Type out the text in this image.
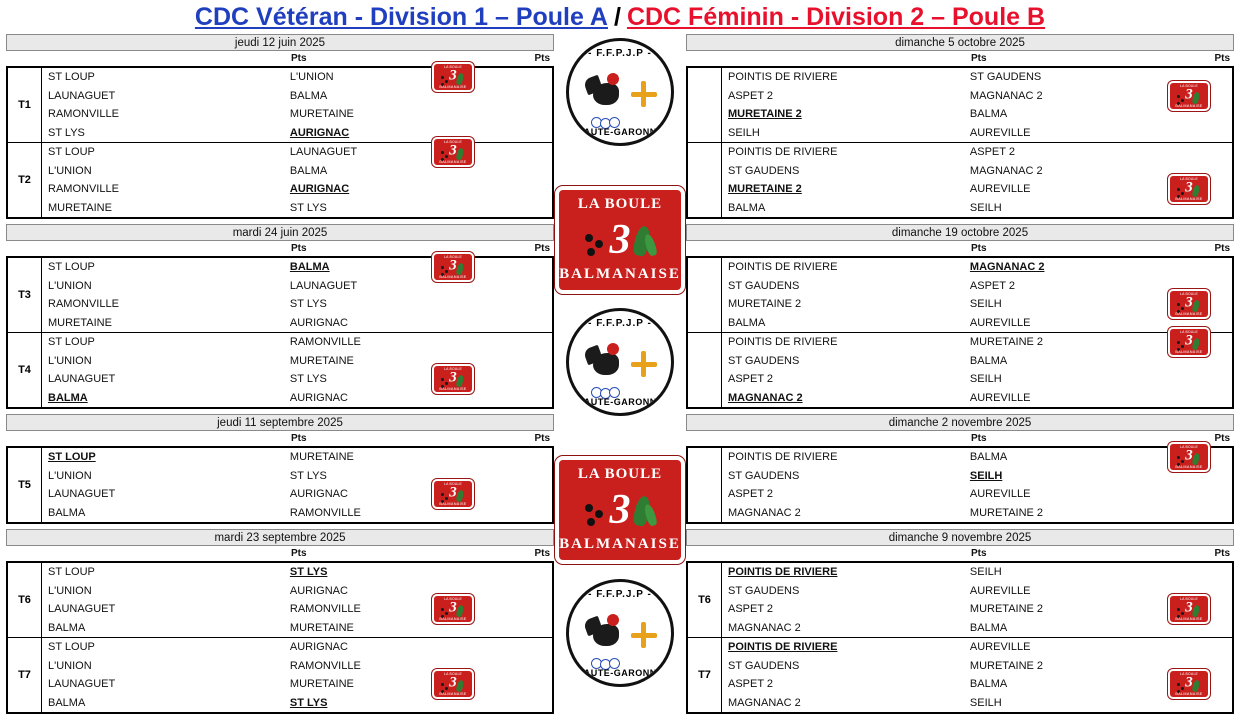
CDC Vétéran - Division 1 – Poule A / CDC Féminin - Division 2 – Poule B
jeudi 12 juin 2025
Pts	Pts
T1
ST LOUP	L'UNION
LA BOULE
3
BALMANAISE
LAUNAGUET	BALMA
RAMONVILLE	MURETAINE
ST LYS	AURIGNAC
T2
ST LOUP	LAUNAGUET
LA BOULE
3
BALMANAISE
L'UNION	BALMA
RAMONVILLE	AURIGNAC
MURETAINE	ST LYS
mardi 24 juin 2025
Pts	Pts
T3
ST LOUP	BALMA
LA BOULE
3
BALMANAISE
L'UNION	LAUNAGUET
RAMONVILLE	ST LYS
MURETAINE	AURIGNAC
T4
ST LOUP	RAMONVILLE
L'UNION	MURETAINE
LAUNAGUET	ST LYS
LA BOULE
3
BALMANAISE
BALMA	AURIGNAC
jeudi 11 septembre 2025
Pts	Pts
T5
ST LOUP	MURETAINE
L'UNION	ST LYS
LAUNAGUET	AURIGNAC
LA BOULE
3
BALMANAISE
BALMA	RAMONVILLE
mardi 23 septembre 2025
Pts	Pts
T6
ST LOUP	ST LYS
L'UNION	AURIGNAC
LAUNAGUET	RAMONVILLE
LA BOULE
3
BALMANAISE
BALMA	MURETAINE
T7
ST LOUP	AURIGNAC
L'UNION	RAMONVILLE
LAUNAGUET	MURETAINE
LA BOULE
3
BALMANAISE
BALMA	ST LYS
- F.F.P.J.P -
HAUTE-GARONNE
LA BOULE
3
BALMANAISE
- F.F.P.J.P -
HAUTE-GARONNE
LA BOULE
3
BALMANAISE
- F.F.P.J.P -
HAUTE-GARONNE
dimanche 5 octobre 2025
Pts	Pts
POINTIS DE RIVIERE	ST GAUDENS
ASPET 2	MAGNANAC 2
LA BOULE
3
BALMANAISE
MURETAINE 2	BALMA
SEILH	AUREVILLE
POINTIS DE RIVIERE	ASPET 2
ST GAUDENS	MAGNANAC 2
MURETAINE 2	AUREVILLE
LA BOULE
3
BALMANAISE
BALMA	SEILH
dimanche 19 octobre 2025
Pts	Pts
POINTIS DE RIVIERE	MAGNANAC 2
ST GAUDENS	ASPET 2
MURETAINE 2	SEILH
LA BOULE
3
BALMANAISE
BALMA	AUREVILLE
POINTIS DE RIVIERE	MURETAINE 2
LA BOULE
3
BALMANAISE
ST GAUDENS	BALMA
ASPET 2	SEILH
MAGNANAC 2	AUREVILLE
dimanche 2 novembre 2025
Pts	Pts
POINTIS DE RIVIERE	BALMA
LA BOULE
3
BALMANAISE
ST GAUDENS	SEILH
ASPET 2	AUREVILLE
MAGNANAC 2	MURETAINE 2
dimanche 9 novembre 2025
Pts	Pts
T6
POINTIS DE RIVIERE	SEILH
ST GAUDENS	AUREVILLE
ASPET 2	MURETAINE 2
LA BOULE
3
BALMANAISE
MAGNANAC 2	BALMA
T7
POINTIS DE RIVIERE	AUREVILLE
ST GAUDENS	MURETAINE 2
ASPET 2	BALMA
LA BOULE
3
BALMANAISE
MAGNANAC 2	SEILH
